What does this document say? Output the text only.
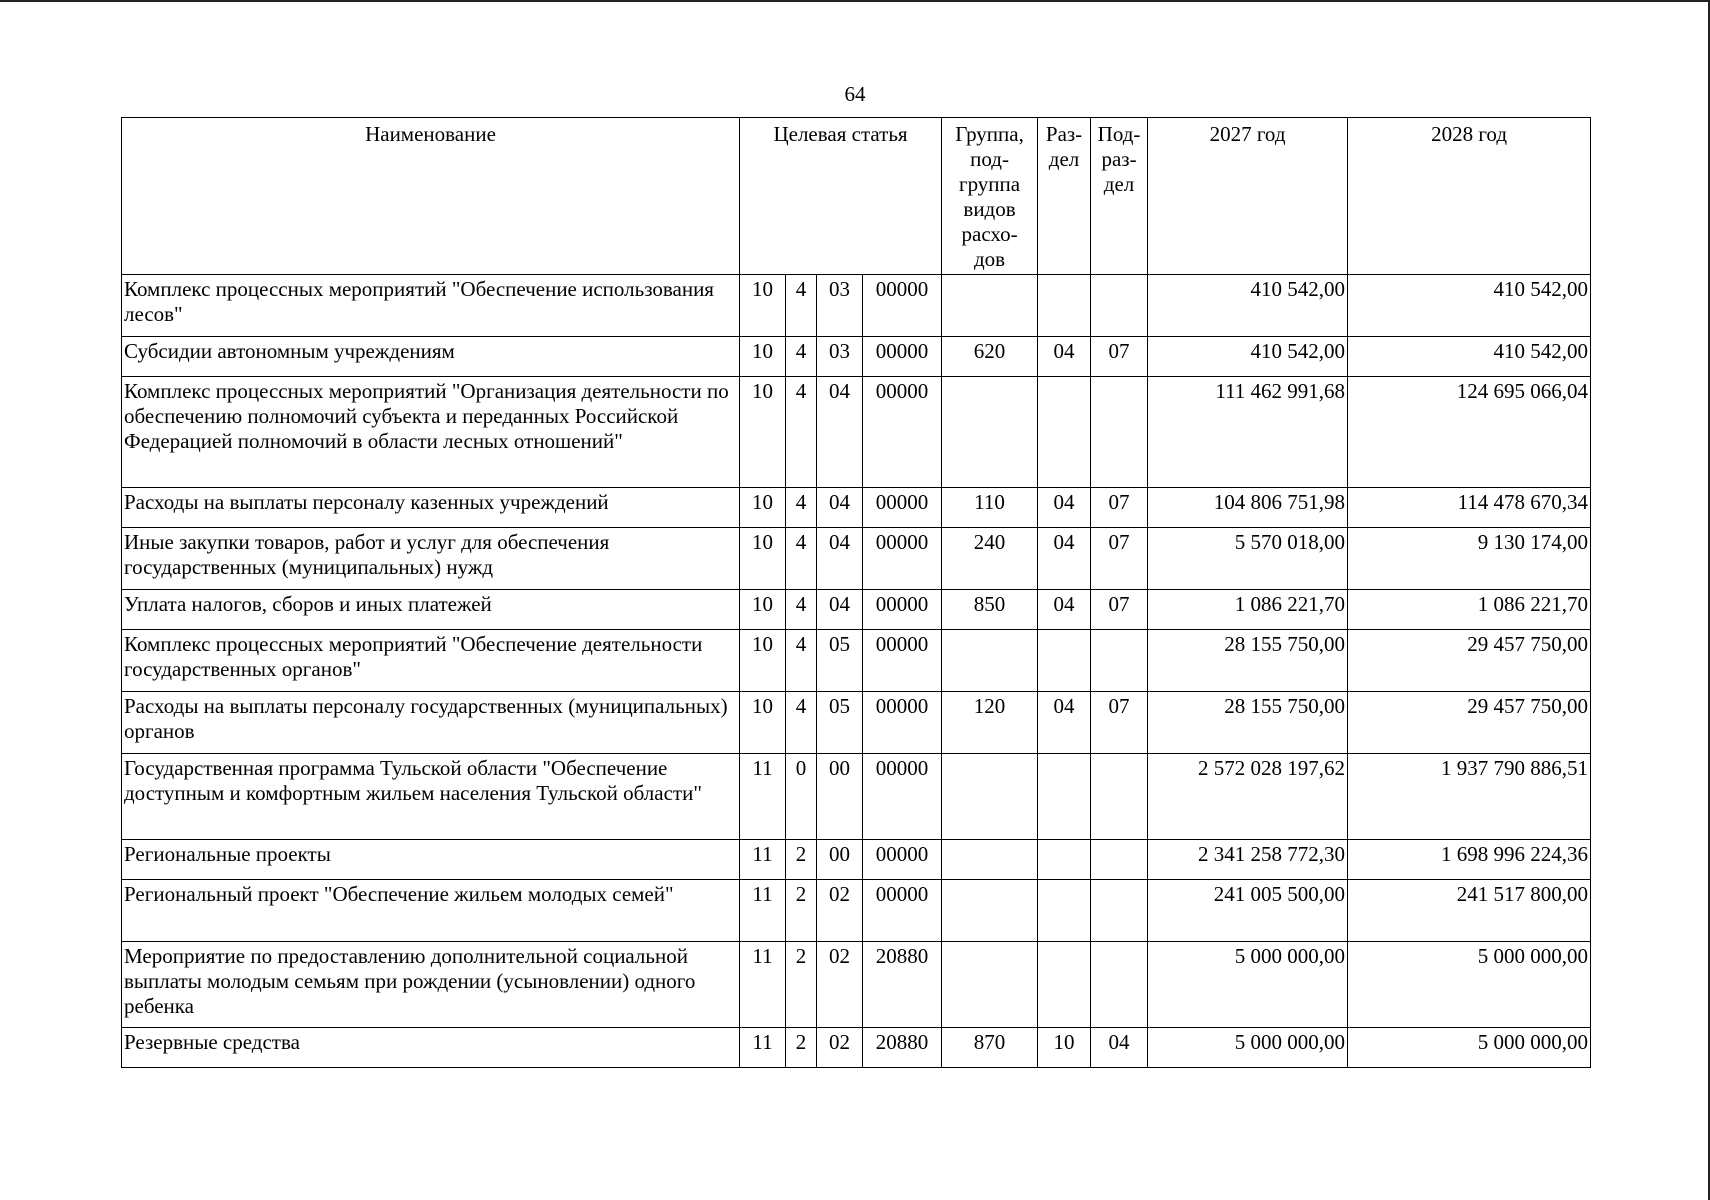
64
Наименование	Целевая статья				Группа, под- группа видов расхо- дов	Раз- дел	Под- раз- дел	2027 год	2028 год
Комплекс процессных мероприятий "Обеспечение использования лесов"	10	4	03	00000				410 542,00	410 542,00
Субсидии автономным учреждениям	10	4	03	00000	620	04	07	410 542,00	410 542,00
Комплекс процессных мероприятий "Организация деятельности по обеспечению полномочий субъекта и переданных Российской Федерацией полномочий в области лесных отношений"	10	4	04	00000				111 462 991,68	124 695 066,04
Расходы на выплаты персоналу казенных учреждений	10	4	04	00000	110	04	07	104 806 751,98	114 478 670,34
Иные закупки товаров, работ и услуг для обеспечения государственных (муниципальных) нужд	10	4	04	00000	240	04	07	5 570 018,00	9 130 174,00
Уплата налогов, сборов и иных платежей	10	4	04	00000	850	04	07	1 086 221,70	1 086 221,70
Комплекс процессных мероприятий "Обеспечение деятельности государственных органов"	10	4	05	00000				28 155 750,00	29 457 750,00
Расходы на выплаты персоналу государственных (муниципальных) органов	10	4	05	00000	120	04	07	28 155 750,00	29 457 750,00
Государственная программа Тульской области "Обеспечение доступным и комфортным жильем населения Тульской области"	11	0	00	00000				2 572 028 197,62	1 937 790 886,51
Региональные проекты	11	2	00	00000				2 341 258 772,30	1 698 996 224,36
Региональный проект "Обеспечение жильем молодых семей"	11	2	02	00000				241 005 500,00	241 517 800,00
Мероприятие по предоставлению дополнительной социальной выплаты молодым семьям при рождении (усыновлении) одного ребенка	11	2	02	20880				5 000 000,00	5 000 000,00
Резервные средства	11	2	02	20880	870	10	04	5 000 000,00	5 000 000,00
